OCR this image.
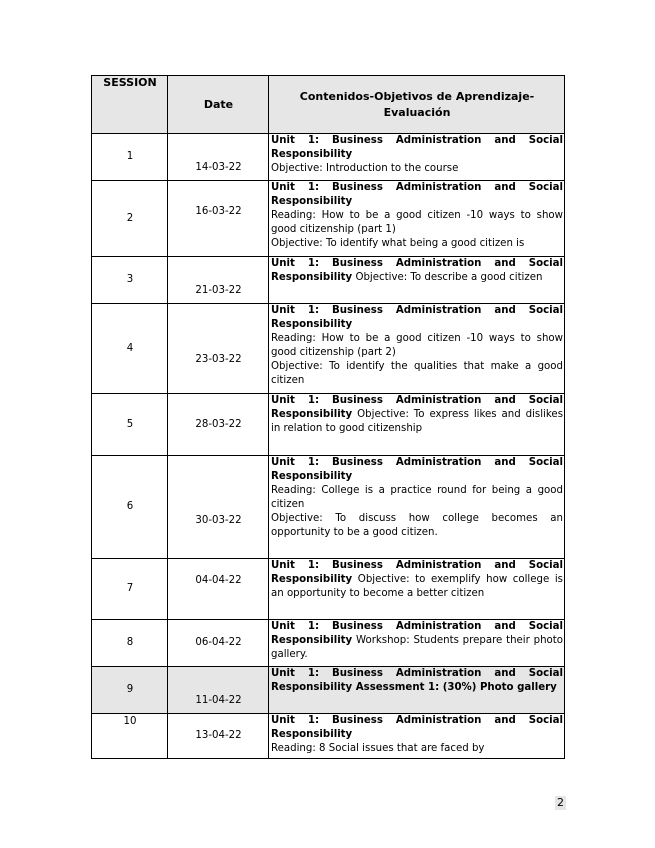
SESSION	Date	Contenidos-Objetivos de Aprendizaje-Evaluación
1	14-03-22	Unit 1: Business Administration and Social Responsibility
Objective: Introduction to the course

2	16-03-22	Unit 1: Business Administration and Social Responsibility
Reading: How to be a good citizen -10 ways to show good citizenship (part 1)
Objective: To identify what being a good citizen is

3	21-03-22	Unit 1: Business Administration and Social Responsibility Objective: To describe a good citizen
4	23-03-22	Unit 1: Business Administration and Social Responsibility
Reading: How to be a good citizen -10 ways to show good citizenship (part 2)
Objective: To identify the qualities that make a good citizen

5	28-03-22	Unit 1: Business Administration and Social Responsibility Objective: To express likes and dislikes in relation to good citizenship
6	30-03-22	Unit 1: Business Administration and Social Responsibility
Reading: College is a practice round for being a good citizen
Objective: To discuss how college becomes an opportunity to be a good citizen.

7	04-04-22	Unit 1: Business Administration and Social Responsibility Objective: to exemplify how college is an opportunity to become a better citizen
8	06-04-22	Unit 1: Business Administration and Social Responsibility Workshop: Students prepare their photo gallery.
9	11-04-22	Unit 1: Business Administration and Social Responsibility Assessment 1: (30%) Photo gallery
10	13-04-22	Unit 1: Business Administration and Social Responsibility
Reading: 8 Social issues that are faced by
2
